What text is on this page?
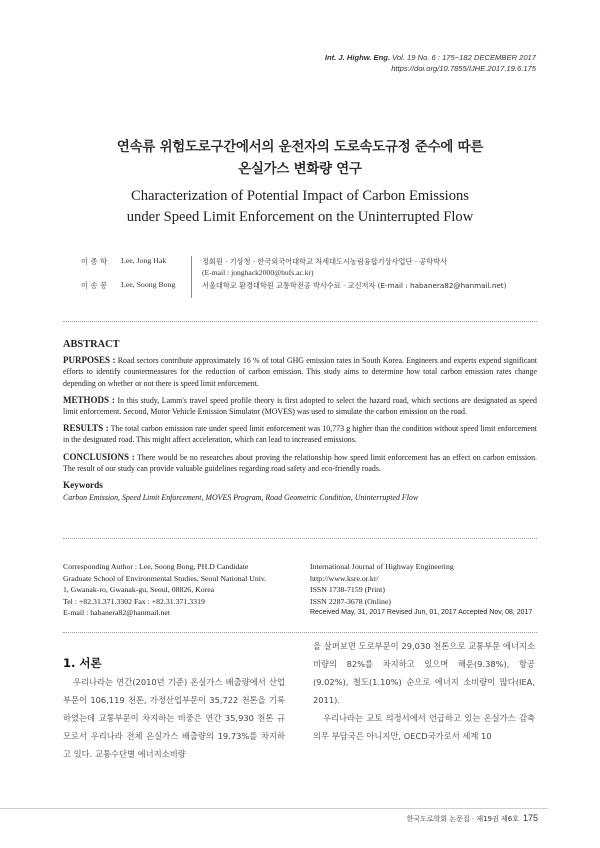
Int. J. Highw. Eng. Vol. 19 No. 6 : 175~182 DECEMBER 2017
https://doi.org/10.7855/IJHE.2017.19.6.175
연속류 위험도로구간에서의 운전자의 도로속도규정 준수에 따른
온실가스 변화량 연구
Characterization of Potential Impact of Carbon Emissions
under Speed Limit Enforcement on the Uninterrupted Flow
이 종 학 Lee, Jong Hak	정회원 · 기상청 · 한국외국어대학교 차세대도시농림융합기상사업단 · 공학박사
(E-mail : jonghack2000@hufs.ac.kr)
이 송 봉 Lee, Soong Bong	서울대학교 환경대학원 교통학전공 박사수료 · 교신저자 (E-mail : habanera82@hanmail.net)
ABSTRACT

PURPOSES : Road sectors contribute approximately 16 % of total GHG emission rates in South Korea. Engineers and experts expend significant efforts to identify countermeasures for the reduction of carbon emission. This study aims to determine how total carbon emission rates change depending on whether or not there is speed limit enforcement.

METHODS : In this study, Lamm's travel speed profile theory is first adopted to select the hazard road, which sections are designated as speed limit enforcement. Second, Motor Vehicle Emission Simulator (MOVES) was used to simulate the carbon emission on the road.

RESULTS : The total carbon emission rate under speed limit enforcement was 10,773 g higher than the condition without speed limit enforcement in the designated road. This might affect acceleration, which can lead to increased emissions.

CONCLUSIONS : There would be no researches about proving the relationship how speed limit enforcement has an effect on carbon emission. The result of our study can provide valuable guidelines regarding road safety and eco-friendly roads.

Keywords
Carbon Emission, Speed Limit Enforcement, MOVES Program, Road Geometric Condition, Uninterrupted Flow
Corresponding Author : Lee, Soong Bong, PH.D Candidate
Graduate School of Environmental Studies, Seoul National Univ.
1, Gwanak-ro, Gwanak-gu, Seoul, 08826, Korea
Tel : +82.31.371.3302 Fax : +82.31.371.3319
E-mail : habanera82@hanmail.net
International Journal of Highway Engineering
http://www.ksre.or.kr/
ISSN 1738-7159 (Print)
ISSN 2287-3678 (Online)
Received May, 31, 2017 Revised Jun, 01, 2017 Accepted Nov, 08, 2017
1. 서론

우리나라는 연간(2010년 기준) 온실가스 배출량에서 산업부문이 106,119 천톤, 가정산업부문이 35,722 천톤을 기록하였는데 교통부문이 차지하는 비중은 연간 35,930 천톤 규모로서 우리나라 전체 온실가스 배출량의 19.73%를 차지하고 있다. 교통수단별 에너지소비량

을 살펴보면 도로부문이 29,030 천톤으로 교통부문 에너지소비량의 82%를 차지하고 있으며 해운(9.38%), 항공(9.02%), 철도(1.10%) 순으로 에너지 소비량이 많다(IEA, 2011).

우리나라는 교토 의정서에서 언급하고 있는 온실가스 감축의무 부담국은 아니지만, OECD국가로서 세계 10

한국도로학회 논문집 · 제19권 제6호 175
